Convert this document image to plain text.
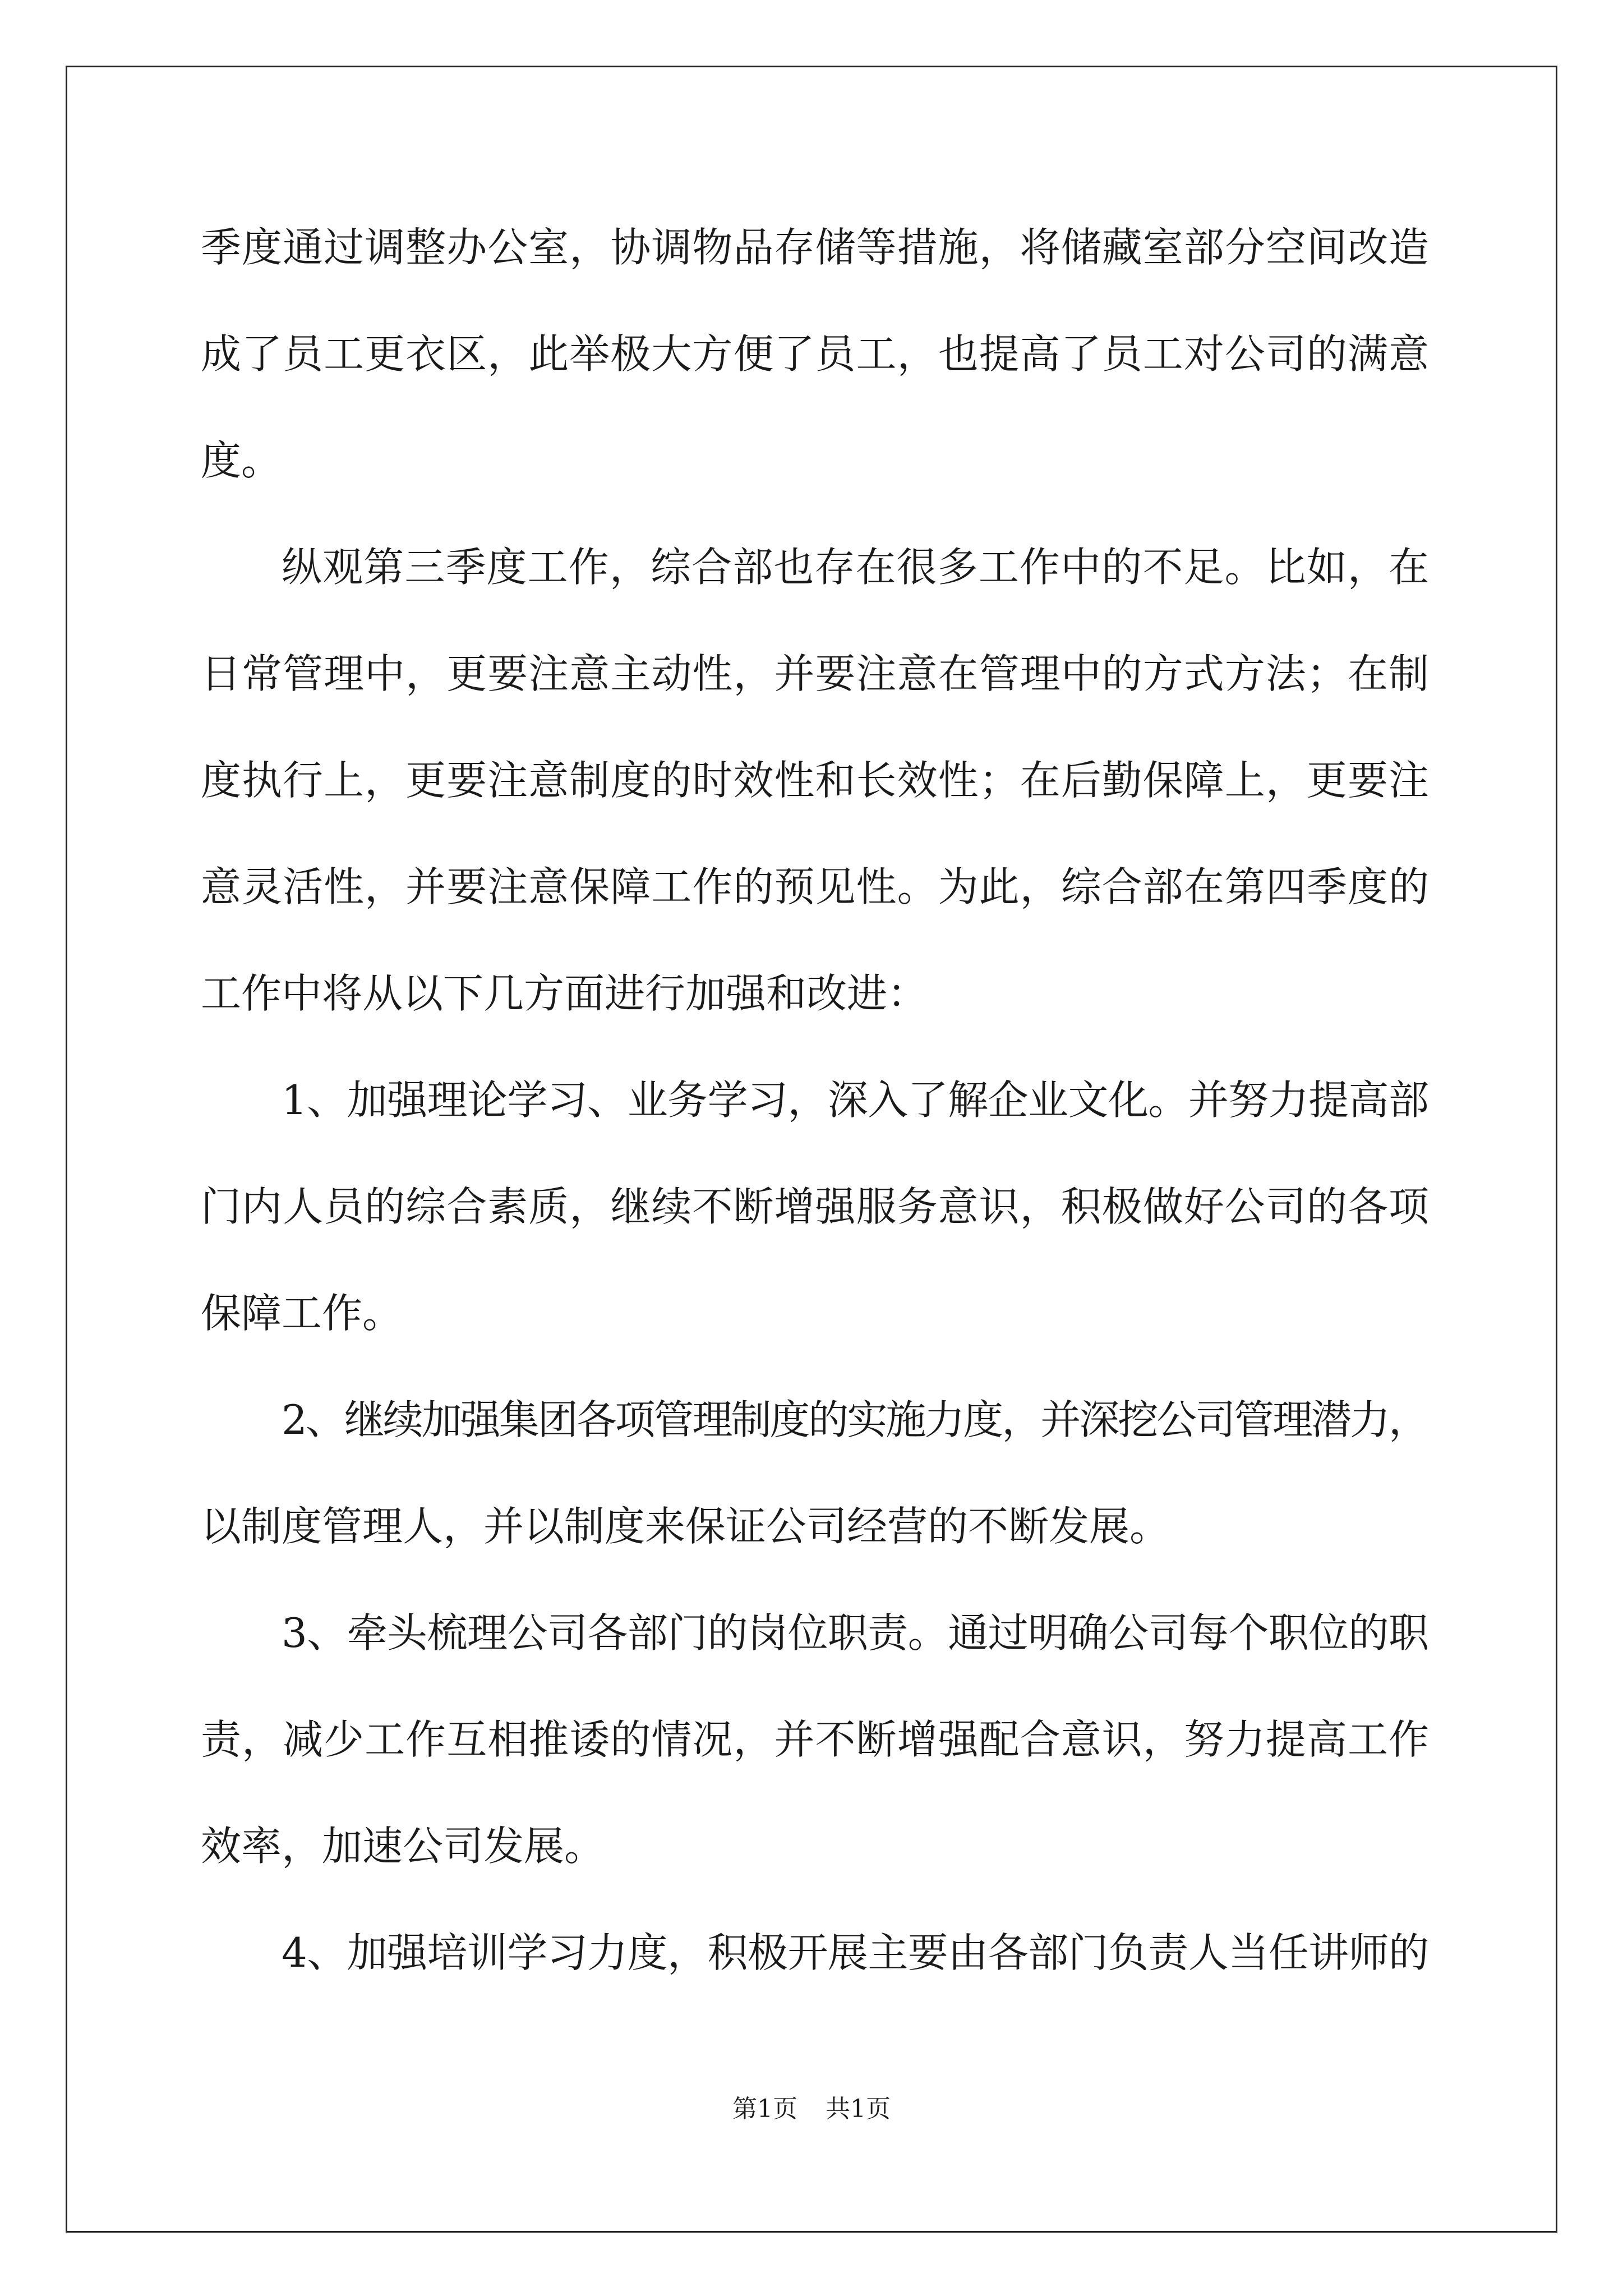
季度通过调整办公室，协调物品存储等措施，将储藏室部分空间改造
成了员工更衣区，此举极大方便了员工，也提高了员工对公司的满意
度。
纵观第三季度工作，综合部也存在很多工作中的不足。比如，在
日常管理中，更要注意主动性，并要注意在管理中的方式方法；在制
度执行上，更要注意制度的时效性和长效性；在后勤保障上，更要注
意灵活性，并要注意保障工作的预见性。为此，综合部在第四季度的
工作中将从以下几方面进行加强和改进：
1、加强理论学习、业务学习，深入了解企业文化。并努力提高部
门内人员的综合素质，继续不断增强服务意识，积极做好公司的各项
保障工作。
2、继续加强集团各项管理制度的实施力度，并深挖公司管理潜力，
以制度管理人，并以制度来保证公司经营的不断发展。
3、牵头梳理公司各部门的岗位职责。通过明确公司每个职位的职
责，减少工作互相推诿的情况，并不断增强配合意识，努力提高工作
效率，加速公司发展。
4、加强培训学习力度，积极开展主要由各部门负责人当任讲师的
第1页 共1页
